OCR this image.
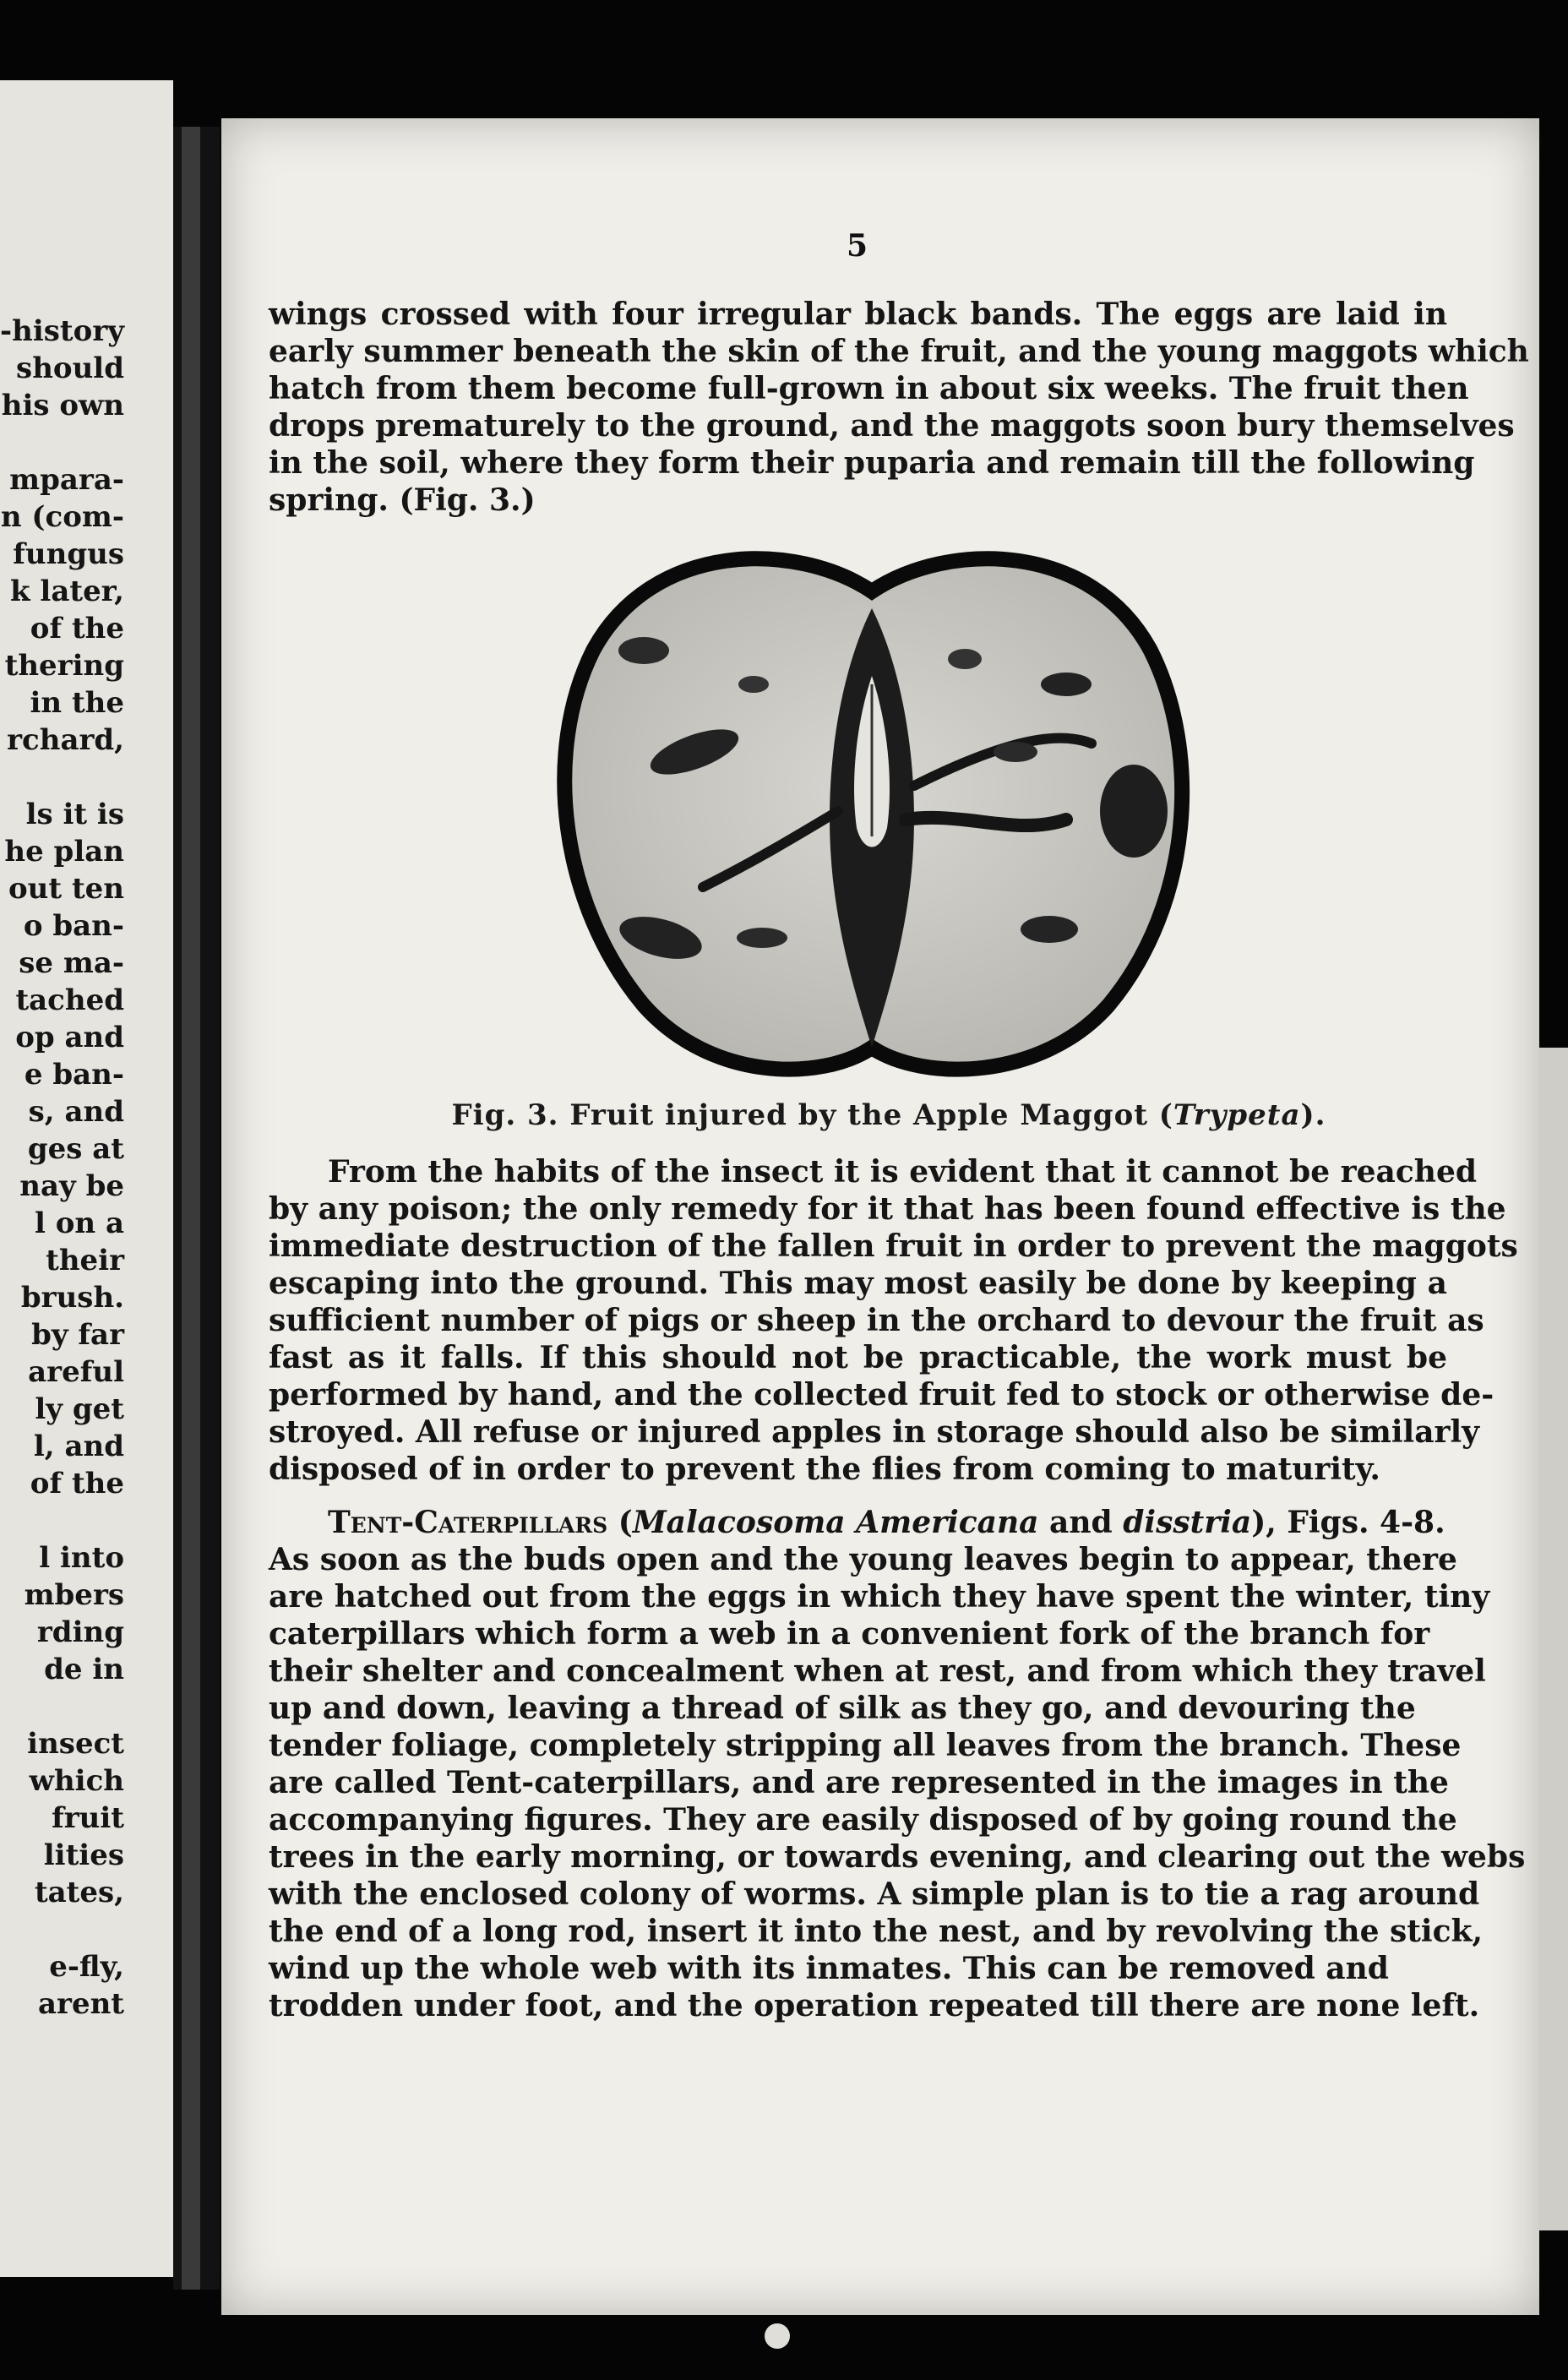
-history
should
his own
mpara-
n (com-
fungus
k later,
of the
thering
in the
rchard,
ls it is
he plan
out ten
o ban-
se ma-
tached
op and
e ban-
s, and
ges at
nay be
l on a
their
brush.
by far
areful
ly get
l, and
of the
l into
mbers
rding
de in
insect
which
fruit
lities
tates,
e-fly,
arent
5
wings crossed with four irregular black bands. The eggs are laid in
early summer beneath the skin of the fruit, and the young maggots which
hatch from them become full-grown in about six weeks. The fruit then
drops prematurely to the ground, and the maggots soon bury themselves
in the soil, where they form their puparia and remain till the following
spring. (Fig. 3.)
Fig. 3. Fruit injured by the Apple Maggot (Trypeta).
From the habits of the insect it is evident that it cannot be reached
by any poison; the only remedy for it that has been found effective is the
immediate destruction of the fallen fruit in order to prevent the maggots
escaping into the ground. This may most easily be done by keeping a
sufficient number of pigs or sheep in the orchard to devour the fruit as
fast as it falls. If this should not be practicable, the work must be
performed by hand, and the collected fruit fed to stock or otherwise de-
stroyed. All refuse or injured apples in storage should also be similarly
disposed of in order to prevent the flies from coming to maturity.
Tent-Caterpillars (Malacosoma Americana and disstria), Figs. 4-8.
As soon as the buds open and the young leaves begin to appear, there
are hatched out from the eggs in which they have spent the winter, tiny
caterpillars which form a web in a convenient fork of the branch for
their shelter and concealment when at rest, and from which they travel
up and down, leaving a thread of silk as they go, and devouring the
tender foliage, completely stripping all leaves from the branch. These
are called Tent-caterpillars, and are represented in the images in the
accompanying figures. They are easily disposed of by going round the
trees in the early morning, or towards evening, and clearing out the webs
with the enclosed colony of worms. A simple plan is to tie a rag around
the end of a long rod, insert it into the nest, and by revolving the stick,
wind up the whole web with its inmates. This can be removed and
trodden under foot, and the operation repeated till there are none left.
